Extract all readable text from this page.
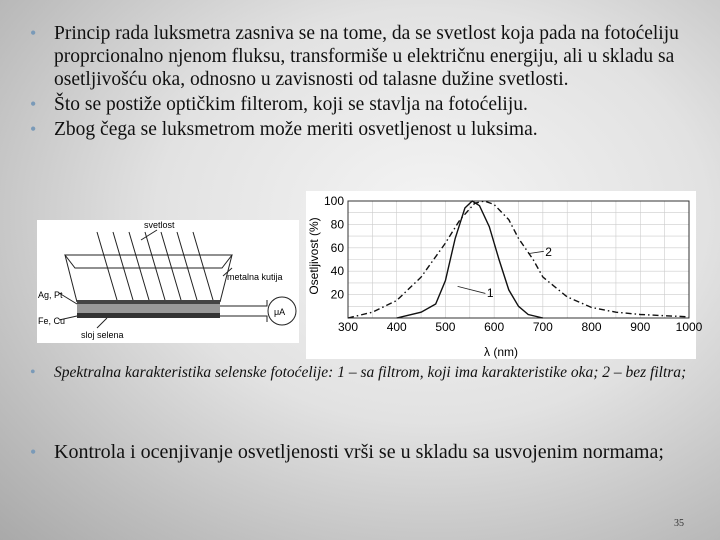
• Princip rada luksmetra zasniva se na tome, da se svetlost koja pada na fotoćeliju proprcionalno njenom fluksu, transformiše u električnu energiju, ali u skladu sa osetljivošću oka, odnosno u zavisnosti od talasne dužine svetlosti.
• Što se postiže optičkim filterom, koji se stavlja na fotoćeliju.
• Zbog čega se luksmetrom može meriti osvetljenost u luksima.
svetlost
metalna kutija
Ag, Pt
Fe, Cu
sloj selena
μA
300 400 500 600 700 800 900 1000
20
40
60
80
100
Osetljivost (%)
λ (nm)
1
2

• Spektralna karakteristika selenske fotoćelije: 1 – sa filtrom, koji ima karakteristike oka; 2 – bez filtra;

• Kontrola i ocenjivanje osvetljenosti vrši se u skladu sa usvojenim normama;

35
